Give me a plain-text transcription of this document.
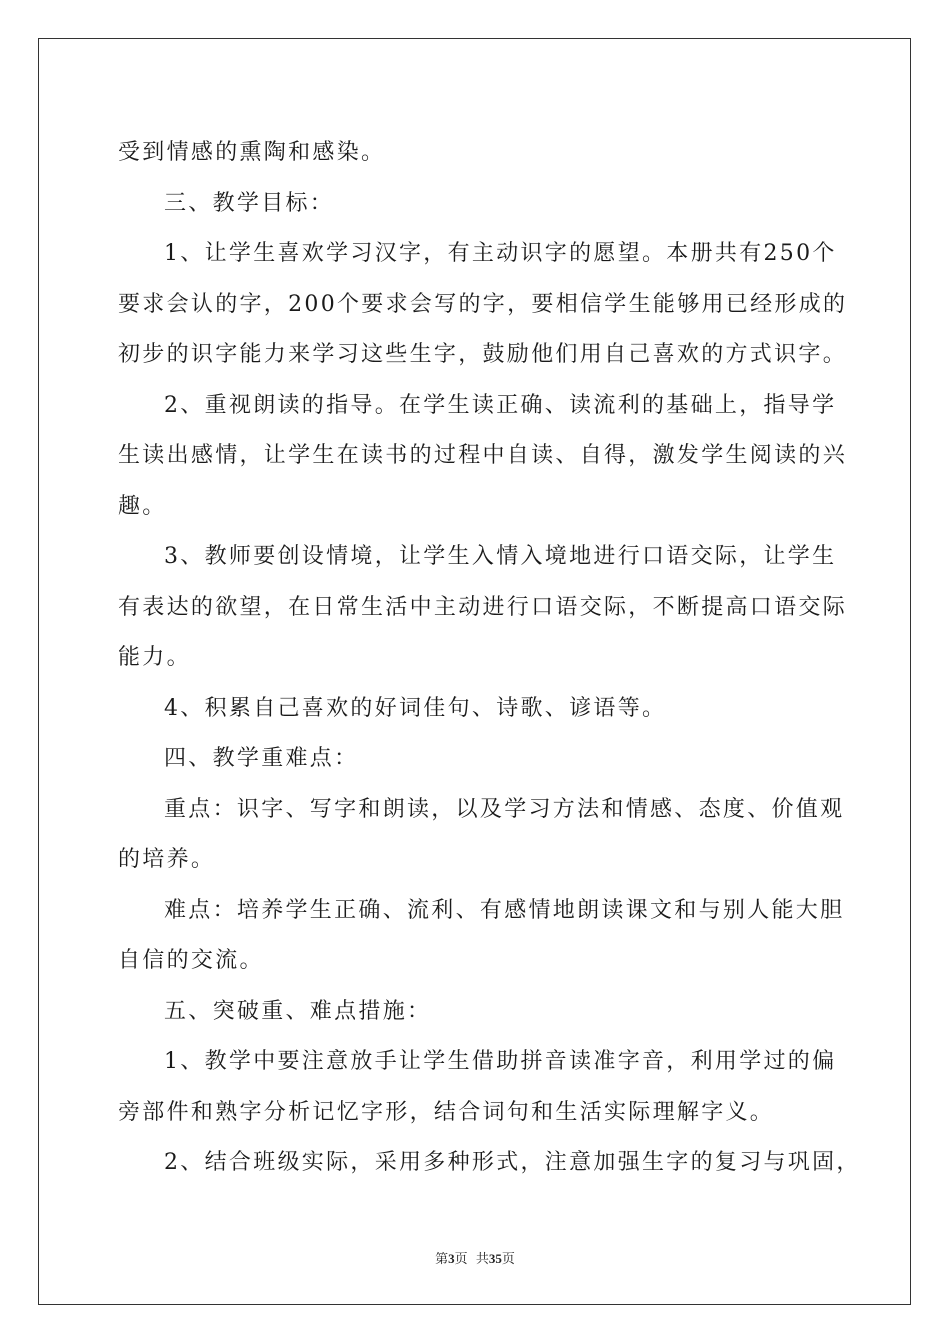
受到情感的熏陶和感染。
三、教学目标：
1、让学生喜欢学习汉字，有主动识字的愿望。本册共有250个
要求会认的字，200个要求会写的字，要相信学生能够用已经形成的
初步的识字能力来学习这些生字，鼓励他们用自己喜欢的方式识字。
2、重视朗读的指导。在学生读正确、读流利的基础上，指导学
生读出感情，让学生在读书的过程中自读、自得，激发学生阅读的兴
趣。
3、教师要创设情境，让学生入情入境地进行口语交际，让学生
有表达的欲望，在日常生活中主动进行口语交际，不断提高口语交际
能力。
4、积累自己喜欢的好词佳句、诗歌、谚语等。
四、教学重难点：
重点：识字、写字和朗读，以及学习方法和情感、态度、价值观
的培养。
难点：培养学生正确、流利、有感情地朗读课文和与别人能大胆
自信的交流。
五、突破重、难点措施：
1、教学中要注意放手让学生借助拼音读准字音，利用学过的偏
旁部件和熟字分析记忆字形，结合词句和生活实际理解字义。
2、结合班级实际，采用多种形式，注意加强生字的复习与巩固，
第3页 共35页
